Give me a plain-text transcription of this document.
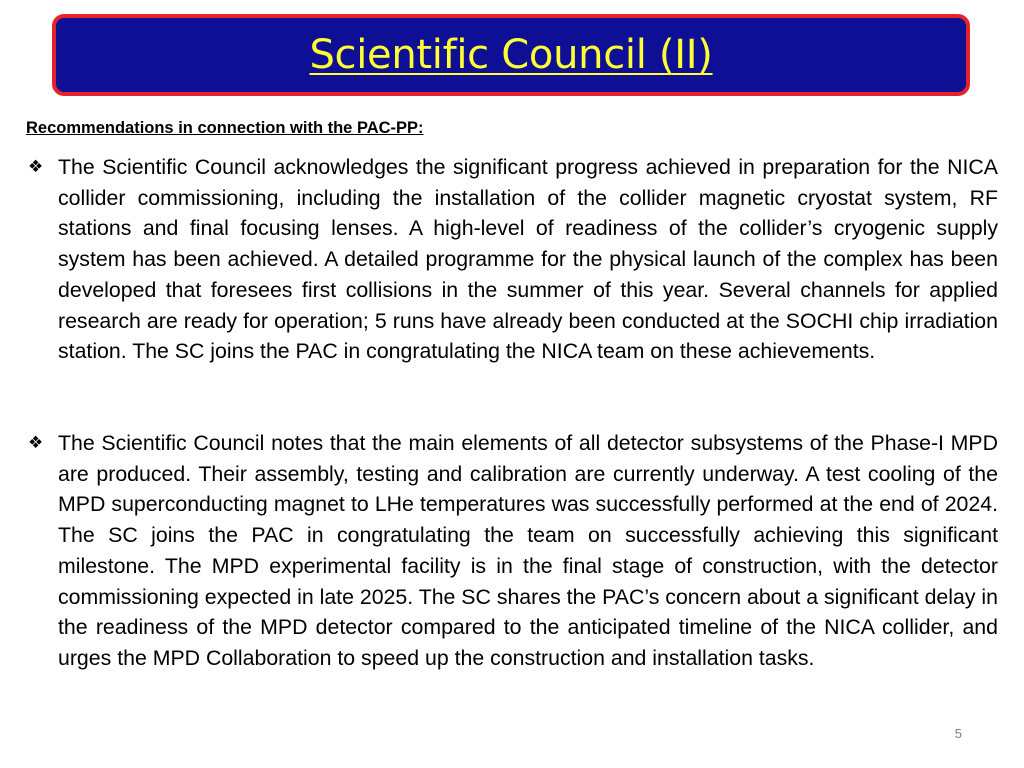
Scientific Council (II)
Recommendations in connection with the PAC-PP:
❖ The Scientific Council acknowledges the significant progress achieved in preparation for the NICA collider commissioning, including the installation of the collider magnetic cryostat system, RF stations and final focusing lenses. A high-level of readiness of the collider’s cryogenic supply system has been achieved. A detailed programme for the physical launch of the complex has been developed that foresees first collisions in the summer of this year. Several channels for applied research are ready for operation; 5 runs have already been conducted at the SOCHI chip irradiation station. The SC joins the PAC in congratulating the NICA team on these achievements.

❖ The Scientific Council notes that the main elements of all detector subsystems of the Phase-I MPD are produced. Their assembly, testing and calibration are currently underway. A test cooling of the MPD superconducting magnet to LHe temperatures was successfully performed at the end of 2024. The SC joins the PAC in congratulating the team on successfully achieving this significant milestone. The MPD experimental facility is in the final stage of construction, with the detector commissioning expected in late 2025. The SC shares the PAC’s concern about a significant delay in the readiness of the MPD detector compared to the anticipated timeline of the NICA collider, and urges the MPD Collaboration to speed up the construction and installation tasks.

5
